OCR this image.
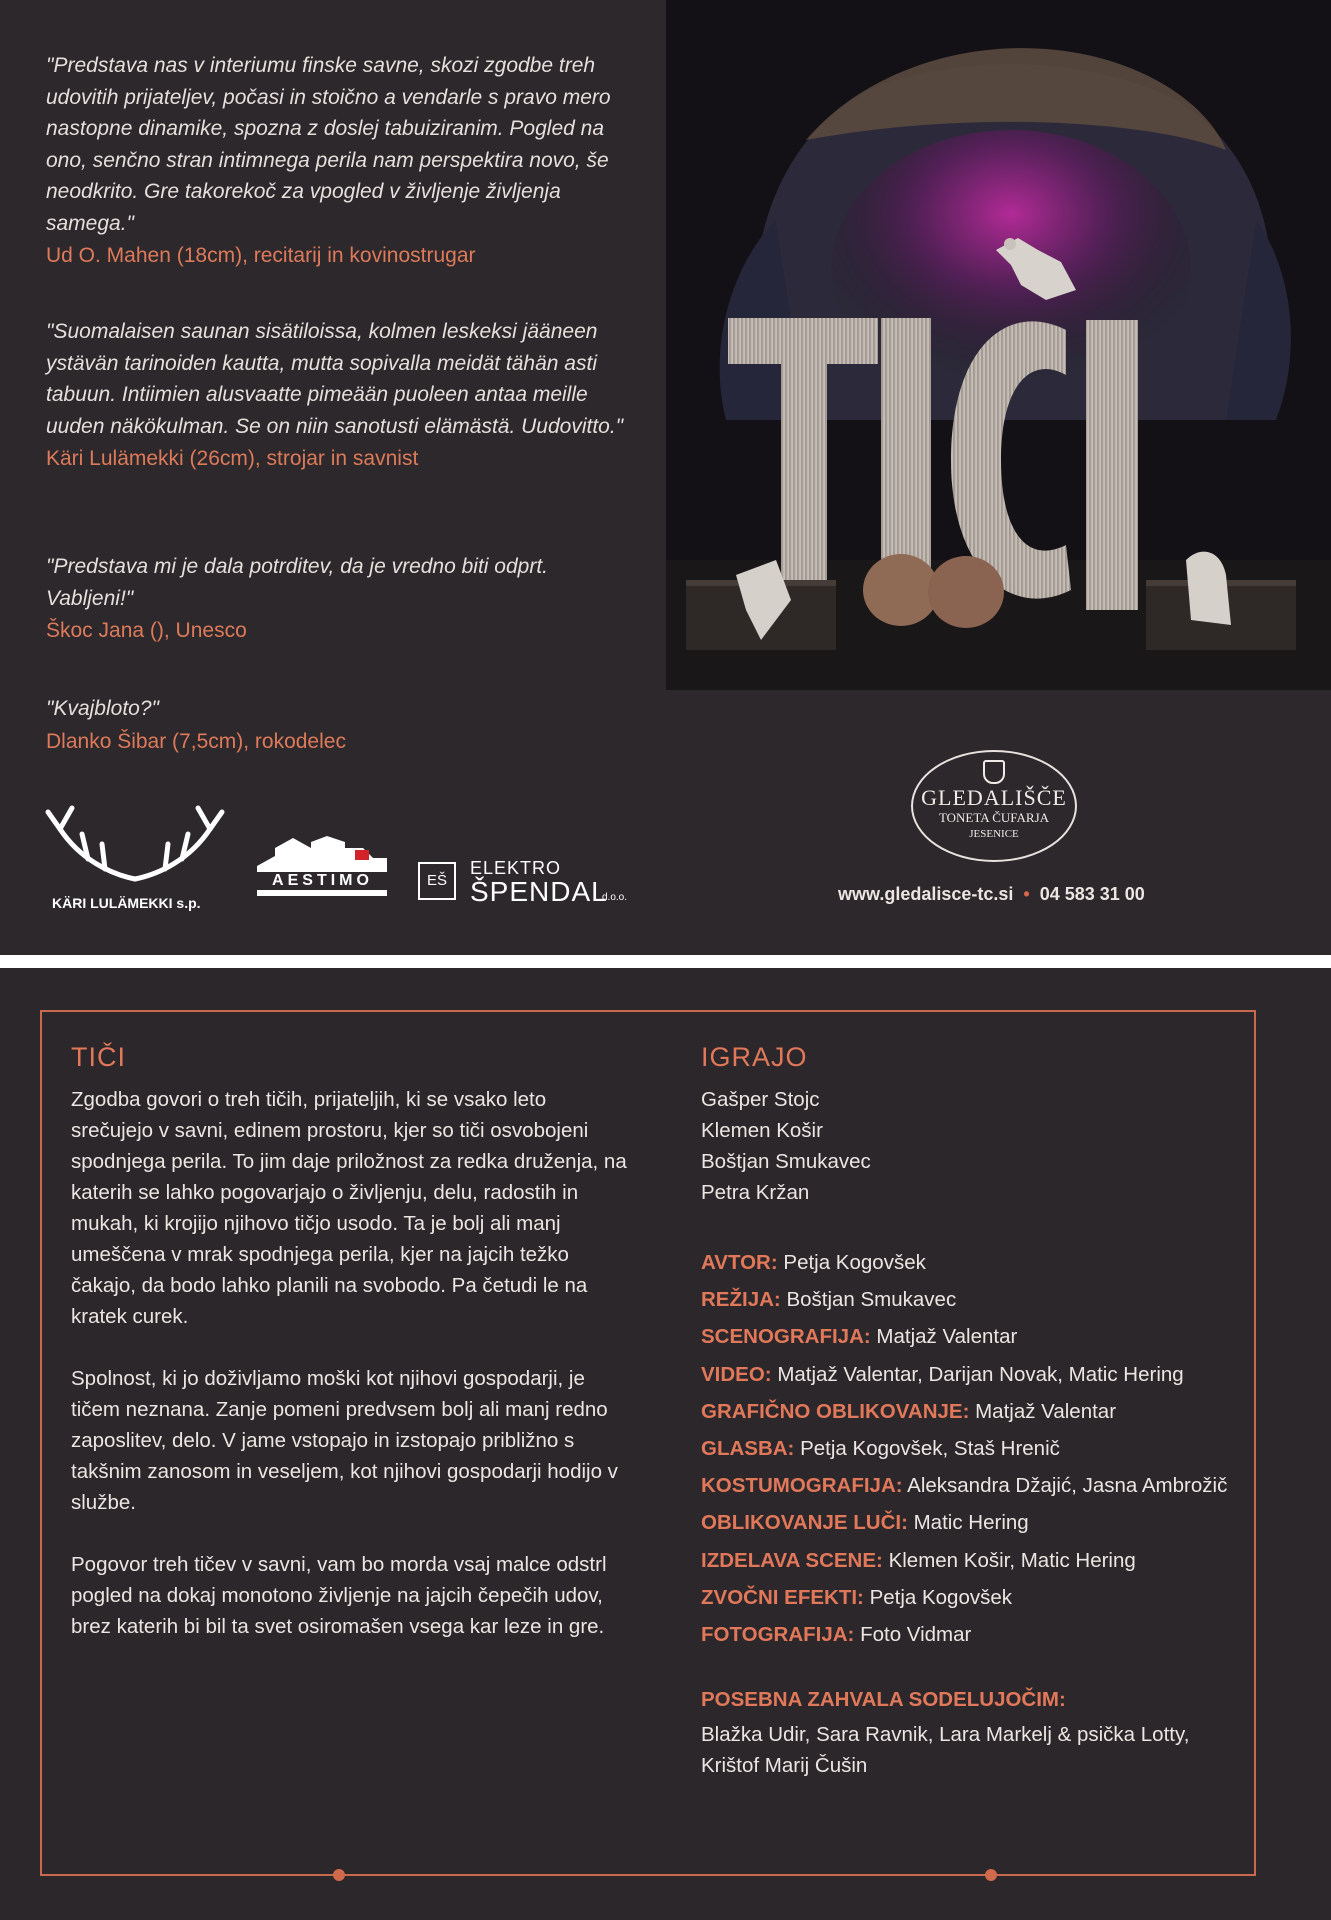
"Predstava nas v interiumu finske savne, skozi zgodbe treh udovitih prijateljev, počasi in stoično a vendarle s pravo mero nastopne dinamike, spozna z doslej tabuiziranim. Pogled na ono, senčno stran intimnega perila nam perspektira novo, še neodkrito. Gre takorekoč za vpogled v življenje življenja samega."

Ud O. Mahen (18cm), recitarij in kovinostrugar

"Suomalaisen saunan sisätiloissa, kolmen leskeksi jääneen ystävän tarinoiden kautta, mutta sopivalla meidät tähän asti tabuun. Intiimien alusvaatte pimeään puoleen antaa meille uuden näkökulman. Se on niin sanotusti elämästä. Uudovitto."

Käri Lulämekki (26cm), strojar in savnist

"Predstava mi je dala potrditev, da je vredno biti odprt. Vabljeni!"

Škoc Jana (), Unesco

"Kvajbloto?"

Dlanko Šibar (7,5cm), rokodelec
KÄRI LULÄMEKKI s.p.
AESTIMO	EŠ
ELEKTRO
ŠPENDAL
d.o.o.
GLEDALIŠČE
TONETA ČUFARJA
JESENICE
www.gledalisce-tc.si • 04 583 31 00
TIČI

Zgodba govori o treh tičih, prijateljih, ki se vsako leto srečujejo v savni, edinem prostoru, kjer so tiči osvobojeni spodnjega perila. To jim daje priložnost za redka druženja, na katerih se lahko pogovarjajo o življenju, delu, radostih in mukah, ki krojijo njihovo tičjo usodo. Ta je bolj ali manj umeščena v mrak spodnjega perila, kjer na jajcih težko čakajo, da bodo lahko planili na svobodo. Pa četudi le na kratek curek.

Spolnost, ki jo doživljamo moški kot njihovi gospodarji, je tičem neznana. Zanje pomeni predvsem bolj ali manj redno zaposlitev, delo. V jame vstopajo in izstopajo približno s takšnim zanosom in veseljem, kot njihovi gospodarji hodijo v službe.

Pogovor treh tičev v savni, vam bo morda vsaj malce odstrl pogled na dokaj monotono življenje na jajcih čepečih udov, brez katerih bi bil ta svet osiromašen vsega kar leze in gre.

IGRAJO
Gašper Stojc
Klemen Košir
Boštjan Smukavec
Petra Kržan
AVTOR: Petja Kogovšek
REŽIJA: Boštjan Smukavec
SCENOGRAFIJA: Matjaž Valentar
VIDEO: Matjaž Valentar, Darijan Novak, Matic Hering
GRAFIČNO OBLIKOVANJE: Matjaž Valentar
GLASBA: Petja Kogovšek, Staš Hrenič
KOSTUMOGRAFIJA: Aleksandra Džajić, Jasna Ambrožič
OBLIKOVANJE LUČI: Matic Hering
IZDELAVA SCENE: Klemen Košir, Matic Hering
ZVOČNI EFEKTI: Petja Kogovšek
FOTOGRAFIJA: Foto Vidmar
POSEBNA ZAHVALA SODELUJOČIM:
Blažka Udir, Sara Ravnik, Lara Markelj & psička Lotty, Krištof Marij Čušin
